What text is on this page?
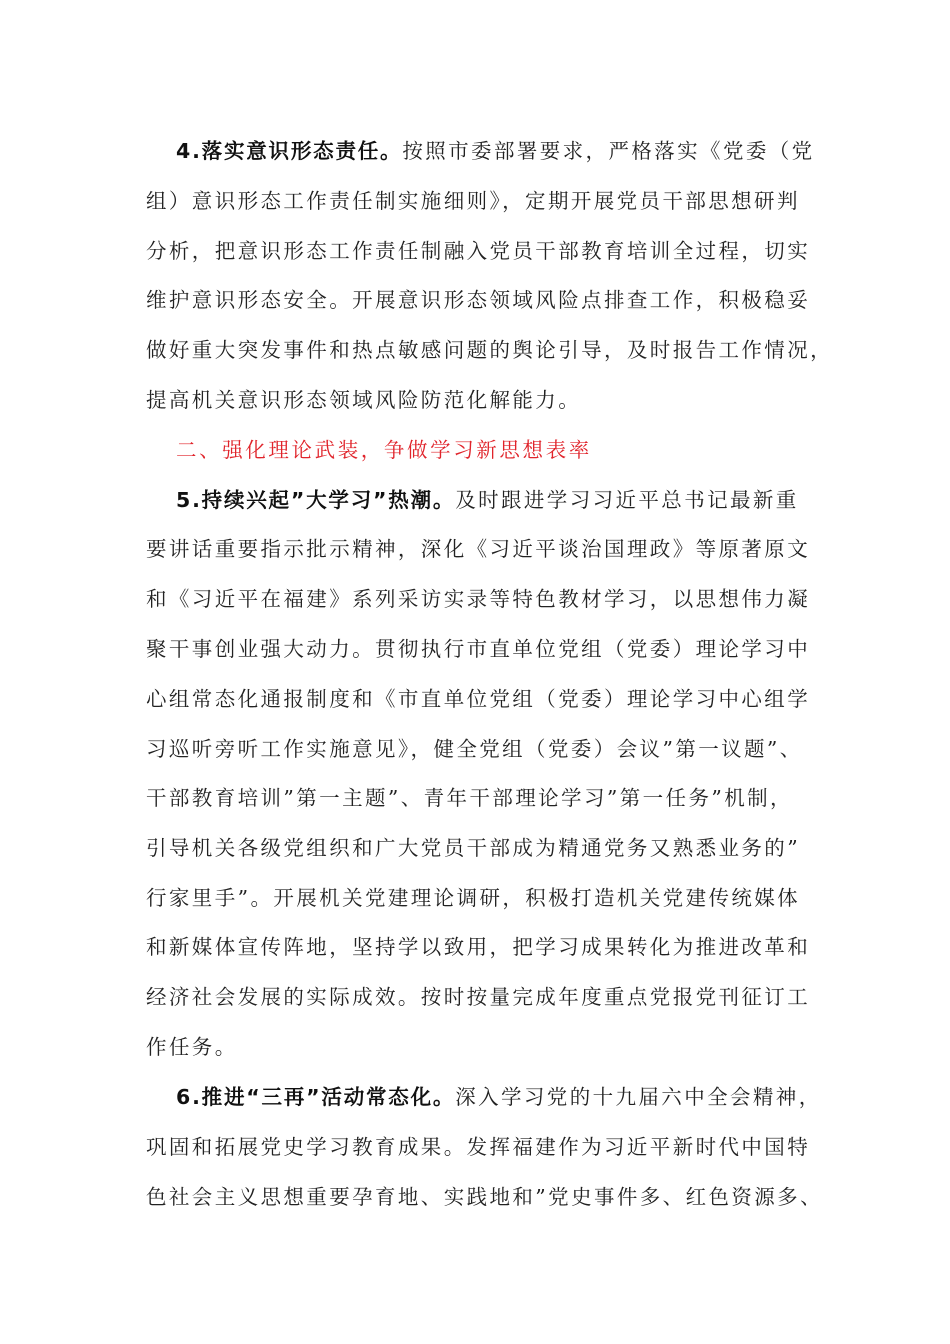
4.落实意识形态责任。按照市委部署要求，严格落实《党委（党
组）意识形态工作责任制实施细则》，定期开展党员干部思想研判
分析，把意识形态工作责任制融入党员干部教育培训全过程，切实
维护意识形态安全。开展意识形态领域风险点排查工作，积极稳妥
做好重大突发事件和热点敏感问题的舆论引导，及时报告工作情况，
提高机关意识形态领域风险防范化解能力。
二、强化理论武装，争做学习新思想表率
5.持续兴起”大学习”热潮。及时跟进学习习近平总书记最新重
要讲话重要指示批示精神，深化《习近平谈治国理政》等原著原文
和《习近平在福建》系列采访实录等特色教材学习，以思想伟力凝
聚干事创业强大动力。贯彻执行市直单位党组（党委）理论学习中
心组常态化通报制度和《市直单位党组（党委）理论学习中心组学
习巡听旁听工作实施意见》，健全党组（党委）会议”第一议题”、
干部教育培训”第一主题”、青年干部理论学习”第一任务”机制，
引导机关各级党组织和广大党员干部成为精通党务又熟悉业务的”
行家里手”。开展机关党建理论调研，积极打造机关党建传统媒体
和新媒体宣传阵地，坚持学以致用，把学习成果转化为推进改革和
经济社会发展的实际成效。按时按量完成年度重点党报党刊征订工
作任务。
6.推进“三再”活动常态化。深入学习党的十九届六中全会精神，
巩固和拓展党史学习教育成果。发挥福建作为习近平新时代中国特
色社会主义思想重要孕育地、实践地和”党史事件多、红色资源多、
